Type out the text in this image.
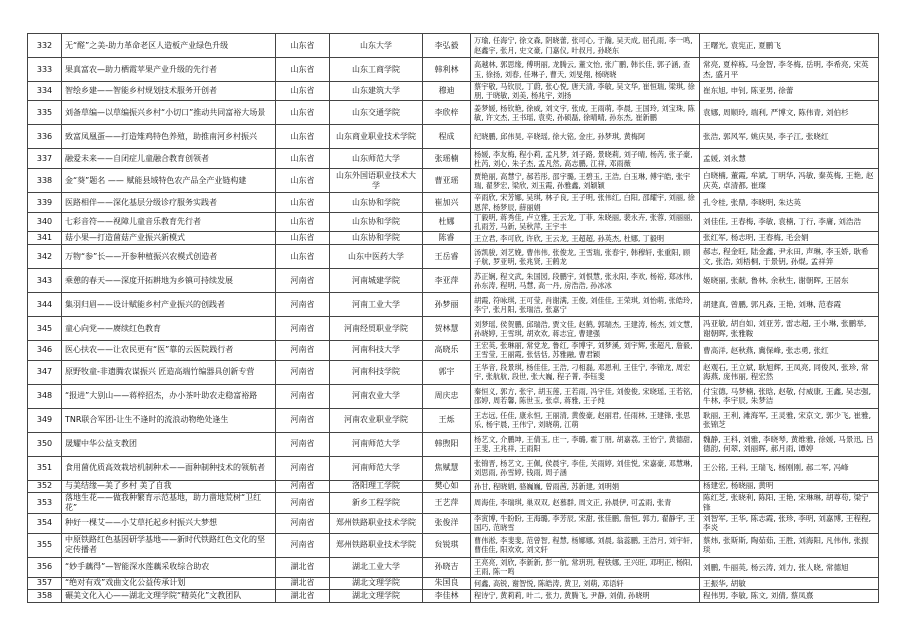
332	无“醛”之美-助力革命老区人造板产业绿色升级	山东省	山东大学	李弘毅	万瑜, 任海宁, 徐文森, 阴晓蕾, 张可心, 于瀚, 吴天成, 屈孔雨, 李一鸣, 赵鑫宇, 张月, 史文豪, 门嘉仪, 叶叔月, 孙晓东	王曙光, 袁宪正, 夏鹏飞
333	果真富农—助力栖霞苹果产业升级的先行者	山东省	山东工商学院	韩利林	高越林, 郭思缘, 傅明丽, 龙腾云, 董文怡, 张广鹏, 韩长佳, 郭子涵, 查玉, 徐扬, 刘春, 任琳子, 曹天, 刘旻翔, 杨晓晓	常亮, 夏梓栋, 马金智, 李冬梅, 岳明, 李希亮, 宋英杰, 盛月平
334	智绘乡建——智能乡村规划技术服务开创者	山东省	山东建筑大学	穆迪	蔡宇敬, 马钦辰, 丁蔚, 张心悦, 唐天清, 李敏, 吴文华, 崔恒瑞, 梁琪, 徐朋, 于晓敏, 刘美, 杨兆宇, 刘扬	崔东旭, 申钊, 陈亚男, 徐蕾
335	刘备草编—以草编振兴乡村“小切口”推动共同富裕大场景	山东省	山东交通学院	李欣梓	姜梦媛, 杨钦艳, 徐威, 刘文宇, 张成, 王雨萌, 李晨, 王国玲, 刘宝珠, 陈敏, 许文杰, 王书瑶, 袁奕, 孙硕磊, 徐晴晴, 孙东杰, 崔新鹏	袁娜, 周顺玲, 端利, 严博文, 陈伟青, 刘伯杉
336	致富凤凰蛋——打造雉鸡特色养殖，助推南河乡村振兴	山东省	山东商业职业技术学院	程成	纪晓鹏, 邱伟昊, 辛晓瑶, 徐大铭, 金庄, 孙梦琪, 黄梅阿	张浩, 郭风军, 姚庆昊, 李子江, 张晓红
337	融爱未来——自闭症儿童融合教育创领者	山东省	山东师范大学	张瑶楠	杨媛, 李友梅, 程小莉, 孟凡梦, 刘子路, 景晓莉, 刘子晴, 杨芮, 张子豪, 杜芮, 刘心, 朱子杰, 孟凡然, 高志鹏, 江祥, 邓雨薇	孟媛, 刘永慧
338	金“葵”题名 —— 赋能县域特色农产品全产业链构建	山东省	山东外国语职业技术大学	曹亚瑶	贾艳丽, 高慧宁, 郝若彤, 邵宇璐, 王碧玉, 王浩, 白玉琳, 傅宇皓, 张宇瑞, 翟梦宏, 梁欣, 刘玉霞, 孙雅鑫, 刘颖颖	白晓楠, 董霞, 牟斌, 丁明华, 冯敏, 秦英梅, 王艳, 赵庆英, 卓清都, 崔璨
339	医路相伴——深化基层分级诊疗服务实践者	山东省	山东协和学院	崔加兴	辛雨欣, 宋芳娜, 吴琪, 林子良, 王子明, 张伟红, 白阳, 邵耀宇, 刘丽, 徐恩萍, 杨梦辰, 薛丽娟	孔令桂, 张鼎, 李晓明, 朱达英
340	七彩音符——视障儿童音乐教育先行者	山东省	山东协和学院	杜娜	丁毅明, 蒋秀佳, 卢立雅, 王云龙, 丁菲, 朱晓丽, 裴永卉, 张蓉, 刘丽丽, 孔雨芳, 马新, 吴秋萍, 王宇丰	刘佳佳, 王春梅, 李敏, 袁楠, 丁行, 李庸, 刘浩浩
341	菇小果—打造菌菇产业振兴新模式	山东省	山东协和学院	陈睿	王立君, 李可欣, 许欣, 王云龙, 王超超, 孙英杰, 杜娜, 丁毅明	张红军, 杨志明, 王春梅, 毛会娟
342	万物“参”长——开参种植振兴农模式创造者	山东省	山东中医药大学	王岳睿	汤凯骏, 刘艺娩, 曹伟伟, 张俊龙, 王雪瑞, 张春宇, 韩穆轩, 张重阳, 顾子航, 罗亚明, 张兆贤, 王鹤龙	郝志, 程金旺, 陆金鑫, 尹永田, 声琳, 李玉娇, 耿希文, 张浩, 刘梧桐, 于景钥, 孙焜, 孟祥笄
343	乘憩的春天——深度开拓耕地为乡镇可持续发展	河南省	河南城建学院	李亚萍	苏正娴, 程文武, 朱国园, 段鹏宇, 刘恨慧, 张永阳, 李欢, 杨裕, 郑冰伟, 孙东涛, 程明, 马慧, 高一丹, 房浩浩, 孙冰冰	姬晓丽, 张献, 鲁林, 余秋生, 谢朝晖, 王居东
344	集羽归眉——设计赋能乡村产业振兴的创践者	河南省	河南工业大学	孙梦丽	胡霞, 符咏琪, 王可莹, 肖谢满, 王俊, 刘佳佳, 王荣琪, 刘怡萌, 张皓玲, 李宁, 张月阳, 张瑞洁, 张嘉宁	胡建真, 曾鹏, 郭凡森, 王艳, 刘琳, 范春霞
345	童心向党——赓续红色教育	河南省	河南经贸职业学院	贺林慧	刘梦瑶, 侯贺鹏, 邱瑞浩, 贾文佳, 赵鹤, 郭瑞杰, 王建涛, 杨杰, 刘文慧, 孙晓婷, 王雪琪, 胡欢欢, 蒋志宜, 曹建强	冯亚敏, 胡自如, 刘亚芳, 雷志超, 王小琳, 张鹏举, 谢朝晖, 张雅鞍
346	医心扶农——让农民更有“医”靠的云医院践行者	河南省	河南科技大学	高晓乐	王宏英, 张琳丽, 常党龙, 鲁红, 李博宇, 刘梦溪, 刘宇辉, 张超凡, 詹毅, 王雪莹, 王丽霞, 张恬恬, 苏雅融, 曹君颖	曹高洋, 赵秋燕, 冀保峰, 张志勇, 张红
347	原野牧童-非遗腾农谋振兴 匠造高端竹编器具创新专营	河南省	河南科技学院	郭宇	王华音, 段景琪, 杨佳佳, 王浩, 刁相磊, 邓恩利, 王佳宁, 李锦龙, 周宏宇, 张航航, 段世, 张大巍, 程子菁, 李钰斐	赵观石, 王立斌, 耿旭辉, 王凤亮, 同俊风, 张珍, 常海燕, 庞伟丽, 程宏然
348	“报进”大别山——蒋梓招杰，办小茶叶助农走稳富裕路	河南省	河南农业大学	周庆忠	秦恒义, 郭方, 张宇, 胡玉莲, 王若雨, 冯宇佳, 刘俊俊, 宋晓瑶, 王若铭, 邵婷, 周若馨, 陈世玉, 张卓, 蒋雅, 王子纯	付宝德, 马梦楠, 张晗, 赵敬, 付威康, 王鑫, 吴志强, 牛林, 李宇辰, 朱梦洁
349	TNR联合军团-让生不逢时的流浪动物绝处逢生	河南省	河南农业职业学院	王烁	王志远, 任佳, 康永恒, 王丽清, 黄俊豪, 赵丽君, 任雨林, 王建锋, 张思乐, 杨宇晨, 王伟宁, 刘晓萌, 江萌	耿丽, 王利, 滩海军, 王灵雅, 宋京文, 郭少飞, 崔雅, 张锦芝
350	晟耀中华公益支教团	河南省	河南师范大学	韩煦阳	杨艺文, 介鹏坤, 王倩玉, 庄一, 李璐, 霍丁朋, 胡嘉荔, 王怡宁, 黄德甜, 王斐, 王兆祥, 王雨阳	魏静, 王科, 刘雅, 李晓琴, 黄维雅, 徐媛, 马景迅, 吕德韵, 何翠, 刘丽晖, 郝月雨, 谭婷
351	食用菌优质高效栽培机制种术——面种制种技术的领航者	河南省	河南师范大学	焦赋慧	张锦晋, 杨艺文, 王佩, 侯晨宇, 李佳, 关雨婷, 刘佳悦, 宋嘉豪, 邓慧琳, 刘思雨, 孙雪婷, 钱雨, 周子涵	王公铭, 王科, 王瑞飞, 杨刚刚, 郝二军, 冯峰
352	与美结缘—美了乡村 美了自我	河南省	洛阳理工学院	樊心如	孙甘, 程晓娟, 骆巍巍, 曾雨茜, 苏新建, 刘明娟	杨建宏, 杨晓丽, 黄明
353	落地生花——做我种繁育示范基地，助力凿地荒树“卫红花”	河南省	新乡工程学院	王艺萍	周海佳, 李瑞琪, 巢双双, 赵慕群, 周文正, 孙晨伊, 可孟雨, 张青	陈红芝, 张晓利, 陈阳, 王艳, 宋琳琳, 胡尊苟, 梁宁锋
354	种好一棵艾——小艾草托起乡村振兴大梦想	河南省	郑州铁路职业技术学院	张俊洋	李寅博, 牛盼盼, 王海璐, 李芳辰, 宋甜, 张佳鹏, 詹恒, 郭力, 翟静宇, 王国巧, 范晓雪	刘智军, 王华, 陈志霞, 张珍, 李明, 刘嘉博, 王程程, 李炎
355	中原铁路红色基因研学基地——新时代铁路红色文化的坚定传播者	河南省	郑州铁路职业技术学院	贠锐琪	曹伟淞, 李斐斐, 范曾智, 程慧, 杨娜娜, 刘晨, 翁蕊鹏, 王浩月, 刘宇轩, 曹佳佳, 阳欢欢, 刘文轩	蔡炜, 张斯斯, 陶茹茹, 王胜, 刘海阳, 凡伟伟, 张振琰
356	“妙手藕得”—智能深水莲藕采收综合助农	湖北省	湖北工业大学	孙晓吉	王亮亮, 刘欣, 李新新, 彭一航, 常玥玥, 程铁娜, 王兴旺, 邓明正, 杨阳, 王雨, 陈一鸣	刘鹏, 牛丽英, 杨云涛, 刘力, 张人晓, 常德旭
357	“绝对有戏”戏曲文化公益传承计划	湖北省	湖北文理学院	朱国良	何鑫, 高锐, 谢智悦, 陈皓涛, 黄卫, 刘萌, 邓语轩	王振华, 胡敏
358	碾美文化入心——湖北文理学院“精英化”文教团队	湖北省	湖北文理学院	李佳林	程诗宁, 黄莉莉, 叶二, 张力, 黄腾飞, 尹静, 刘倩, 孙晓明	程伟男, 李敏, 陈文, 刘倩, 蔡凤熹
